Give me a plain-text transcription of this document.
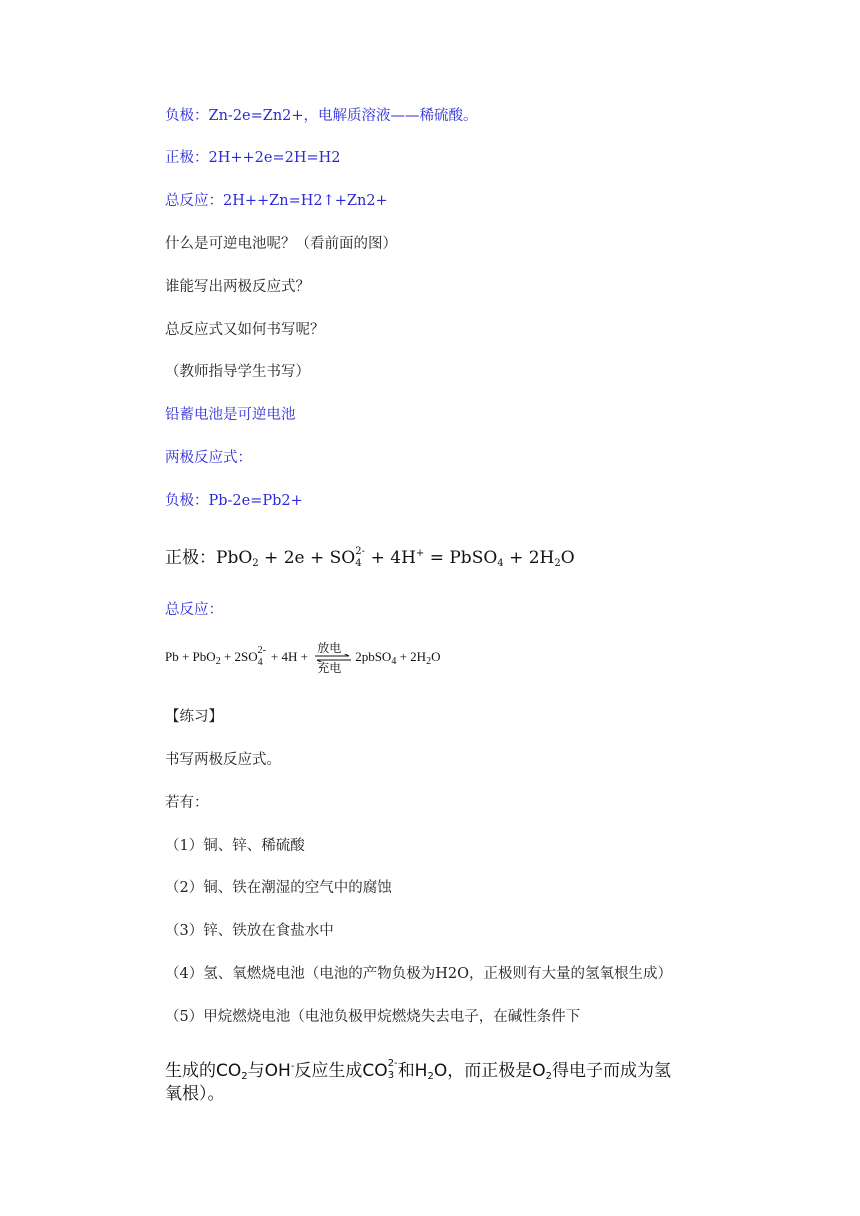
负极：Zn-2e=Zn2+，电解质溶液——稀硫酸。
正极：2H++2e=2H=H2
总反应：2H++Zn=H2↑+Zn2+
什么是可逆电池呢？（看前面的图）
谁能写出两极反应式？
总反应式又如何书写呢？
（教师指导学生书写）
铅蓄电池是可逆电池
两极反应式：
负极：Pb-2e=Pb2+
正极：PbO$_2$ + 2e + SO 2-
4 + 4H+ = PbSO$_4$ + $2H_2O$
总反应：
Pb + PbO$_2$ + 2SO 2-
4 + 4H +
放电
充电
2pbSO$_4$ + $2H_2O$
【练习】
书写两极反应式。
若有：
（1）铜、锌、稀硫酸
（2）铜、铁在潮湿的空气中的腐蚀
（3）锌、铁放在食盐水中
（4）氢、氧燃烧电池（电池的产物负极为H2O，正极则有大量的氢氧根生成）
（5）甲烷燃烧电池（电池负极甲烷燃烧失去电子，在碱性条件下
生成的$CO_2$与OH-反应生成CO 2-
3 和$H_2O$，而正极是$O_2$得电子而成为氢
氧根）。
